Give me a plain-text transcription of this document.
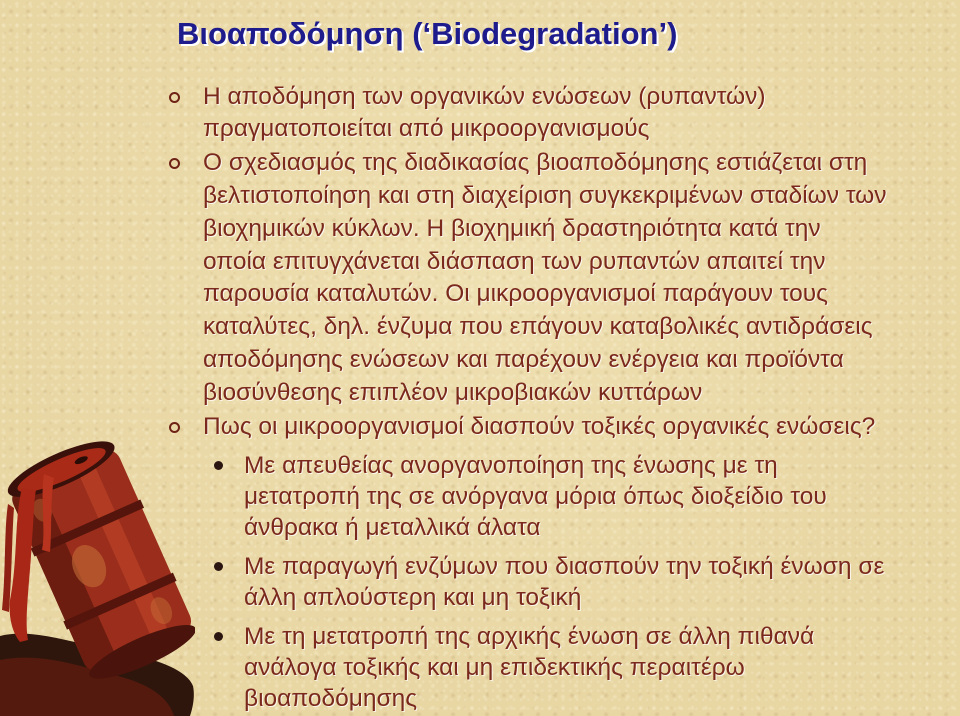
Βιοαποδόμηση (‘Biodegradation’)
Η αποδόμηση των οργανικών ενώσεων (ρυπαντών)
πραγματοποιείται από μικροοργανισμούς
Ο σχεδιασμός της διαδικασίας βιοαποδόμησης εστιάζεται στη
βελτιστοποίηση και στη διαχείριση συγκεκριμένων σταδίων των
βιοχημικών κύκλων. Η βιοχημική δραστηριότητα κατά την
οποία επιτυγχάνεται διάσπαση των ρυπαντών απαιτεί την
παρουσία καταλυτών. Οι μικροοργανισμοί παράγουν τους
καταλύτες, δηλ. ένζυμα που επάγουν καταβολικές αντιδράσεις
αποδόμησης ενώσεων και παρέχουν ενέργεια και προϊόντα
βιοσύνθεσης επιπλέον μικροβιακών κυττάρων
Πως οι μικροοργανισμοί διασπούν τοξικές οργανικές ενώσεις?
Με απευθείας ανοργανοποίηση της ένωσης με τη
μετατροπή της σε ανόργανα μόρια όπως διοξείδιο του
άνθρακα ή μεταλλικά άλατα
Με παραγωγή ενζύμων που διασπούν την τοξική ένωση σε
άλλη απλούστερη και μη τοξική
Με τη μετατροπή της αρχικής ένωση σε άλλη πιθανά
ανάλογα τοξικής και μη επιδεκτικής περαιτέρω
βιοαποδόμησης
